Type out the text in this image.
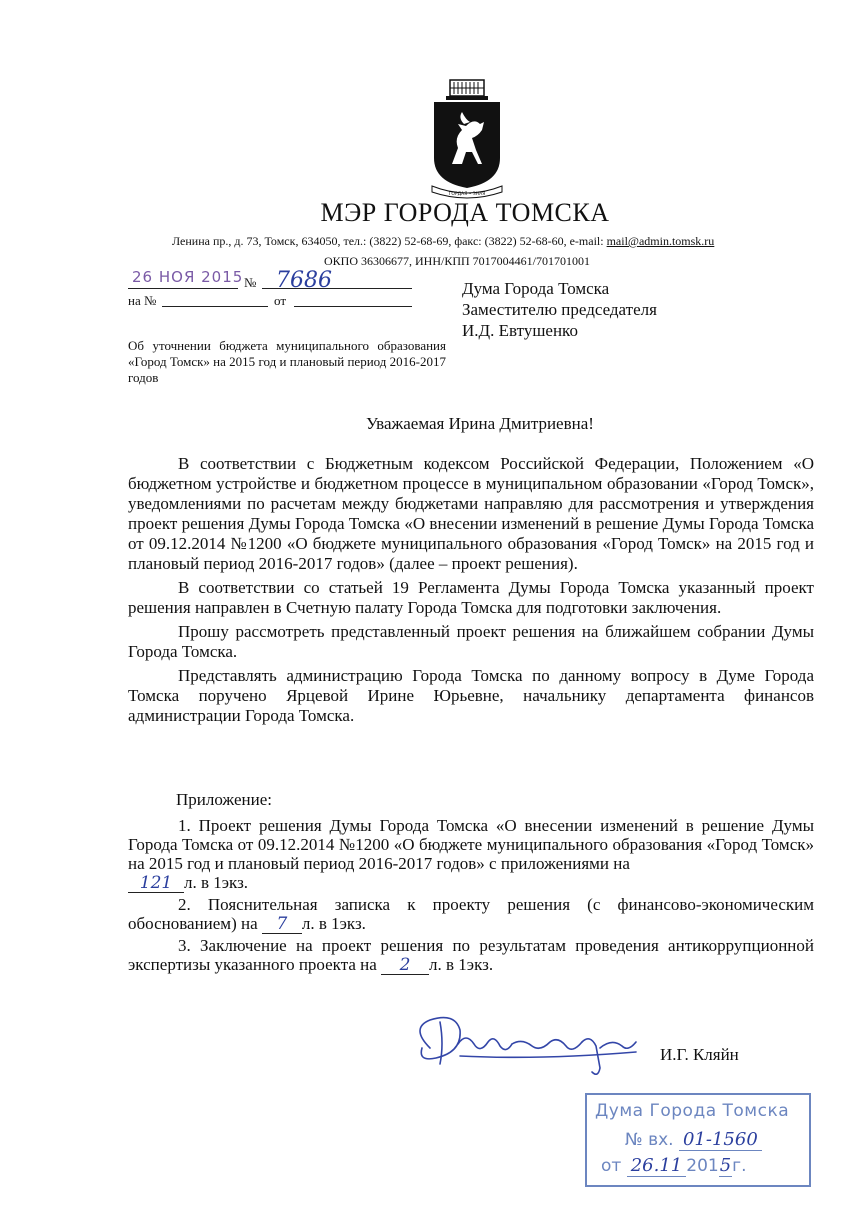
ГОРДАЯ • ЗНАЯ
МЭР ГОРОДА ТОМСКА
Ленина пр., д. 73, Томск, 634050, тел.: (3822) 52-68-69, факс: (3822) 52-68-60, e-mail: mail@admin.tomsk.ru
ОКПО 36306677, ИНН/КПП 7017004461/701701001
26 НОЯ 2015 № 7686
на №	от
Дума Города Томска
Заместителю председателя
И.Д. Евтушенко
Об уточнении бюджета муниципального образования «Город Томск» на 2015 год и плановый период 2016-2017 годов
Уважаемая Ирина Дмитриевна!

В соответствии с Бюджетным кодексом Российской Федерации, Положением «О бюджетном устройстве и бюджетном процессе в муниципальном образовании «Город Томск», уведомлениями по расчетам между бюджетами направляю для рассмотрения и утверждения проект решения Думы Города Томска «О внесении изменений в решение Думы Города Томска от 09.12.2014 №1200 «О бюджете муниципального образования «Город Томск» на 2015 год и плановый период 2016-2017 годов» (далее – проект решения).

В соответствии со статьей 19 Регламента Думы Города Томска указанный проект решения направлен в Счетную палату Города Томска для подготовки заключения.

Прошу рассмотреть представленный проект решения на ближайшем собрании Думы Города Томска.

Представлять администрацию Города Томска по данному вопросу в Думе Города Томска поручено Ярцевой Ирине Юрьевне, начальнику департамента финансов администрации Города Томска.

Приложение:

1. Проект решения Думы Города Томска «О внесении изменений в решение Думы Города Томска от 09.12.2014 №1200 «О бюджете муниципального образования «Город Томск» на 2015 год и плановый период 2016-2017 годов» с приложениями на
121 л. в 1экз.

2. Пояснительная записка к проекту решения (с финансово-экономическим обоснованием) на 7 л. в 1экз.

3. Заключение на проект решения по результатам проведения антикоррупционной экспертизы указанного проекта на 2 л. в 1экз.

И.Г. Кляйн
Дума Города Томска
№ вх. 01-1560
от 26.11 2015г.
